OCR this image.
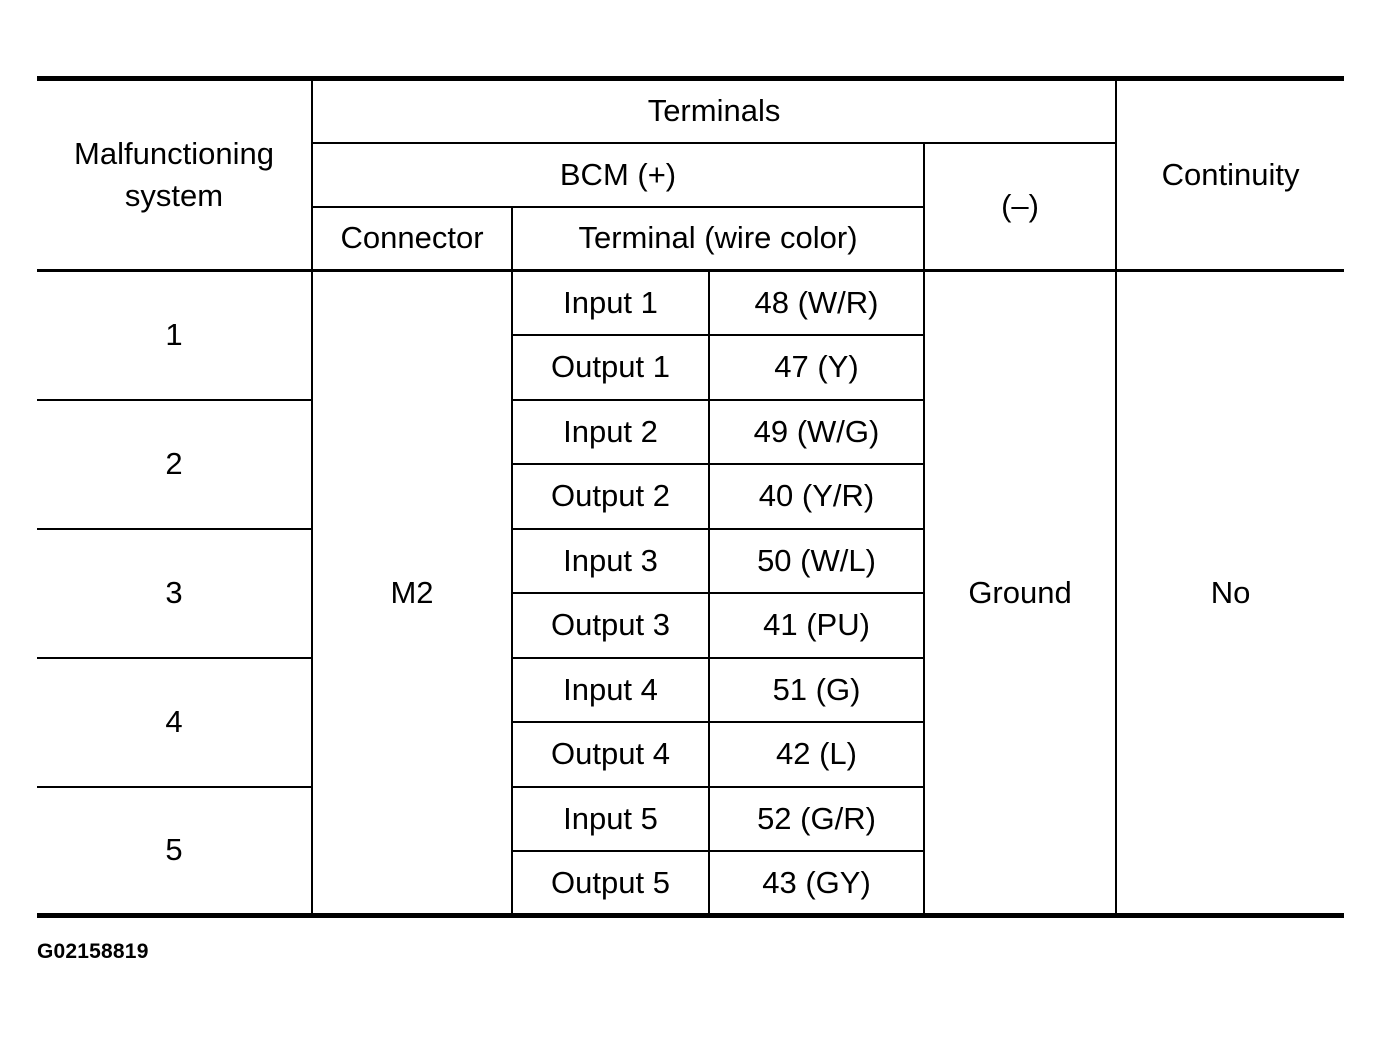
Malfunctioning system	Terminals				Continuity
	BCM (+)			(–)	
	Connector	Terminal (wire color)			
1	M2	Input 1	48 (W/R)	Ground	No
		Output 1	47 (Y)		
2		Input 2	49 (W/G)		
		Output 2	40 (Y/R)		
3		Input 3	50 (W/L)		
		Output 3	41 (PU)		
4		Input 4	51 (G)		
		Output 4	42 (L)		
5		Input 5	52 (G/R)		
		Output 5	43 (GY)		
G02158819
